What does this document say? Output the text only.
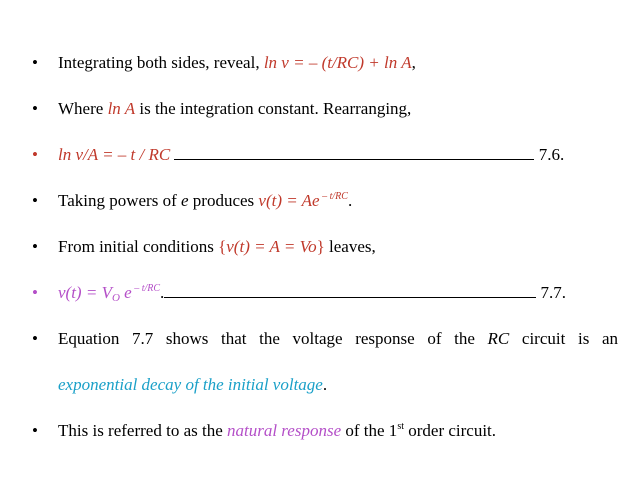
•	Integrating both sides, reveal, ln v = – (t/RC) + ln A,
•	Where ln A is the integration constant. Rearranging,
•	ln v/A = – t / RC	7.6.
•	Taking powers of e produces v(t) = Ae $^{- t/RC}$.
•	From initial conditions {v(t) = A = Vo} leaves,
•	$v(t) = V_O$ e $^{- t/RC}$.	7.7.
•	Equation 7.7 shows that the voltage response of the RC circuit is an
exponential decay of the initial voltage.
•	This is referred to as the natural response of the 1st order circuit.
